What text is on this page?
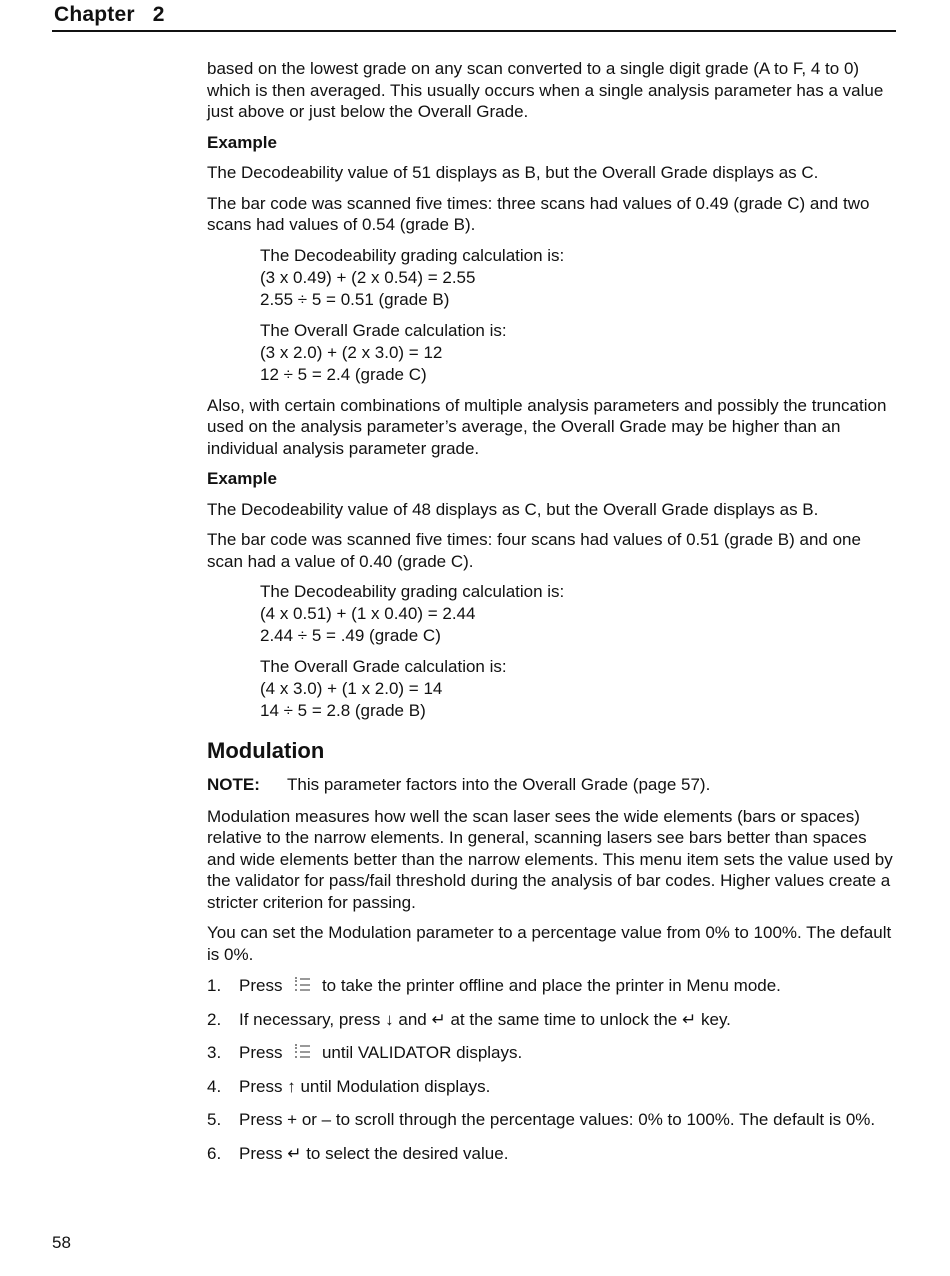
Chapter 2

based on the lowest grade on any scan converted to a single digit grade (A to F, 4 to 0) which is then averaged. This usually occurs when a single analysis parameter has a value just above or just below the Overall Grade.

Example

The Decodeability value of 51 displays as B, but the Overall Grade displays as C.

The bar code was scanned five times: three scans had values of 0.49 (grade C) and two scans had values of 0.54 (grade B).

The Decodeability grading calculation is:
(3 x 0.49) + (2 x 0.54) = 2.55
2.55 ÷ 5 = 0.51 (grade B)
The Overall Grade calculation is:
(3 x 2.0) + (2 x 3.0) = 12
12 ÷ 5 = 2.4 (grade C)

Also, with certain combinations of multiple analysis parameters and possibly the truncation used on the analysis parameter’s average, the Overall Grade may be higher than an individual analysis parameter grade.

Example

The Decodeability value of 48 displays as C, but the Overall Grade displays as B.

The bar code was scanned five times: four scans had values of 0.51 (grade B) and one scan had a value of 0.40 (grade C).

The Decodeability grading calculation is:
(4 x 0.51) + (1 x 0.40) = 2.44
2.44 ÷ 5 = .49 (grade C)
The Overall Grade calculation is:
(4 x 3.0) + (1 x 2.0) = 14
14 ÷ 5 = 2.8 (grade B)
Modulation

NOTE: This parameter factors into the Overall Grade (page 57).

Modulation measures how well the scan laser sees the wide elements (bars or spaces) relative to the narrow elements. In general, scanning lasers see bars better than spaces and wide elements better than the narrow elements. This menu item sets the value used by the validator for pass/fail threshold during the analysis of bar codes. Higher values create a stricter criterion for passing.

You can set the Modulation parameter to a percentage value from 0% to 100%. The default is 0%.

1. Press to take the printer offline and place the printer in Menu mode.
2. If necessary, press ↓ and ↵ at the same time to unlock the ↵ key.
3. Press until VALIDATOR displays.
4. Press ↑ until Modulation displays.
5. Press + or – to scroll through the percentage values: 0% to 100%. The default is 0%.
6. Press ↵ to select the desired value.
58
